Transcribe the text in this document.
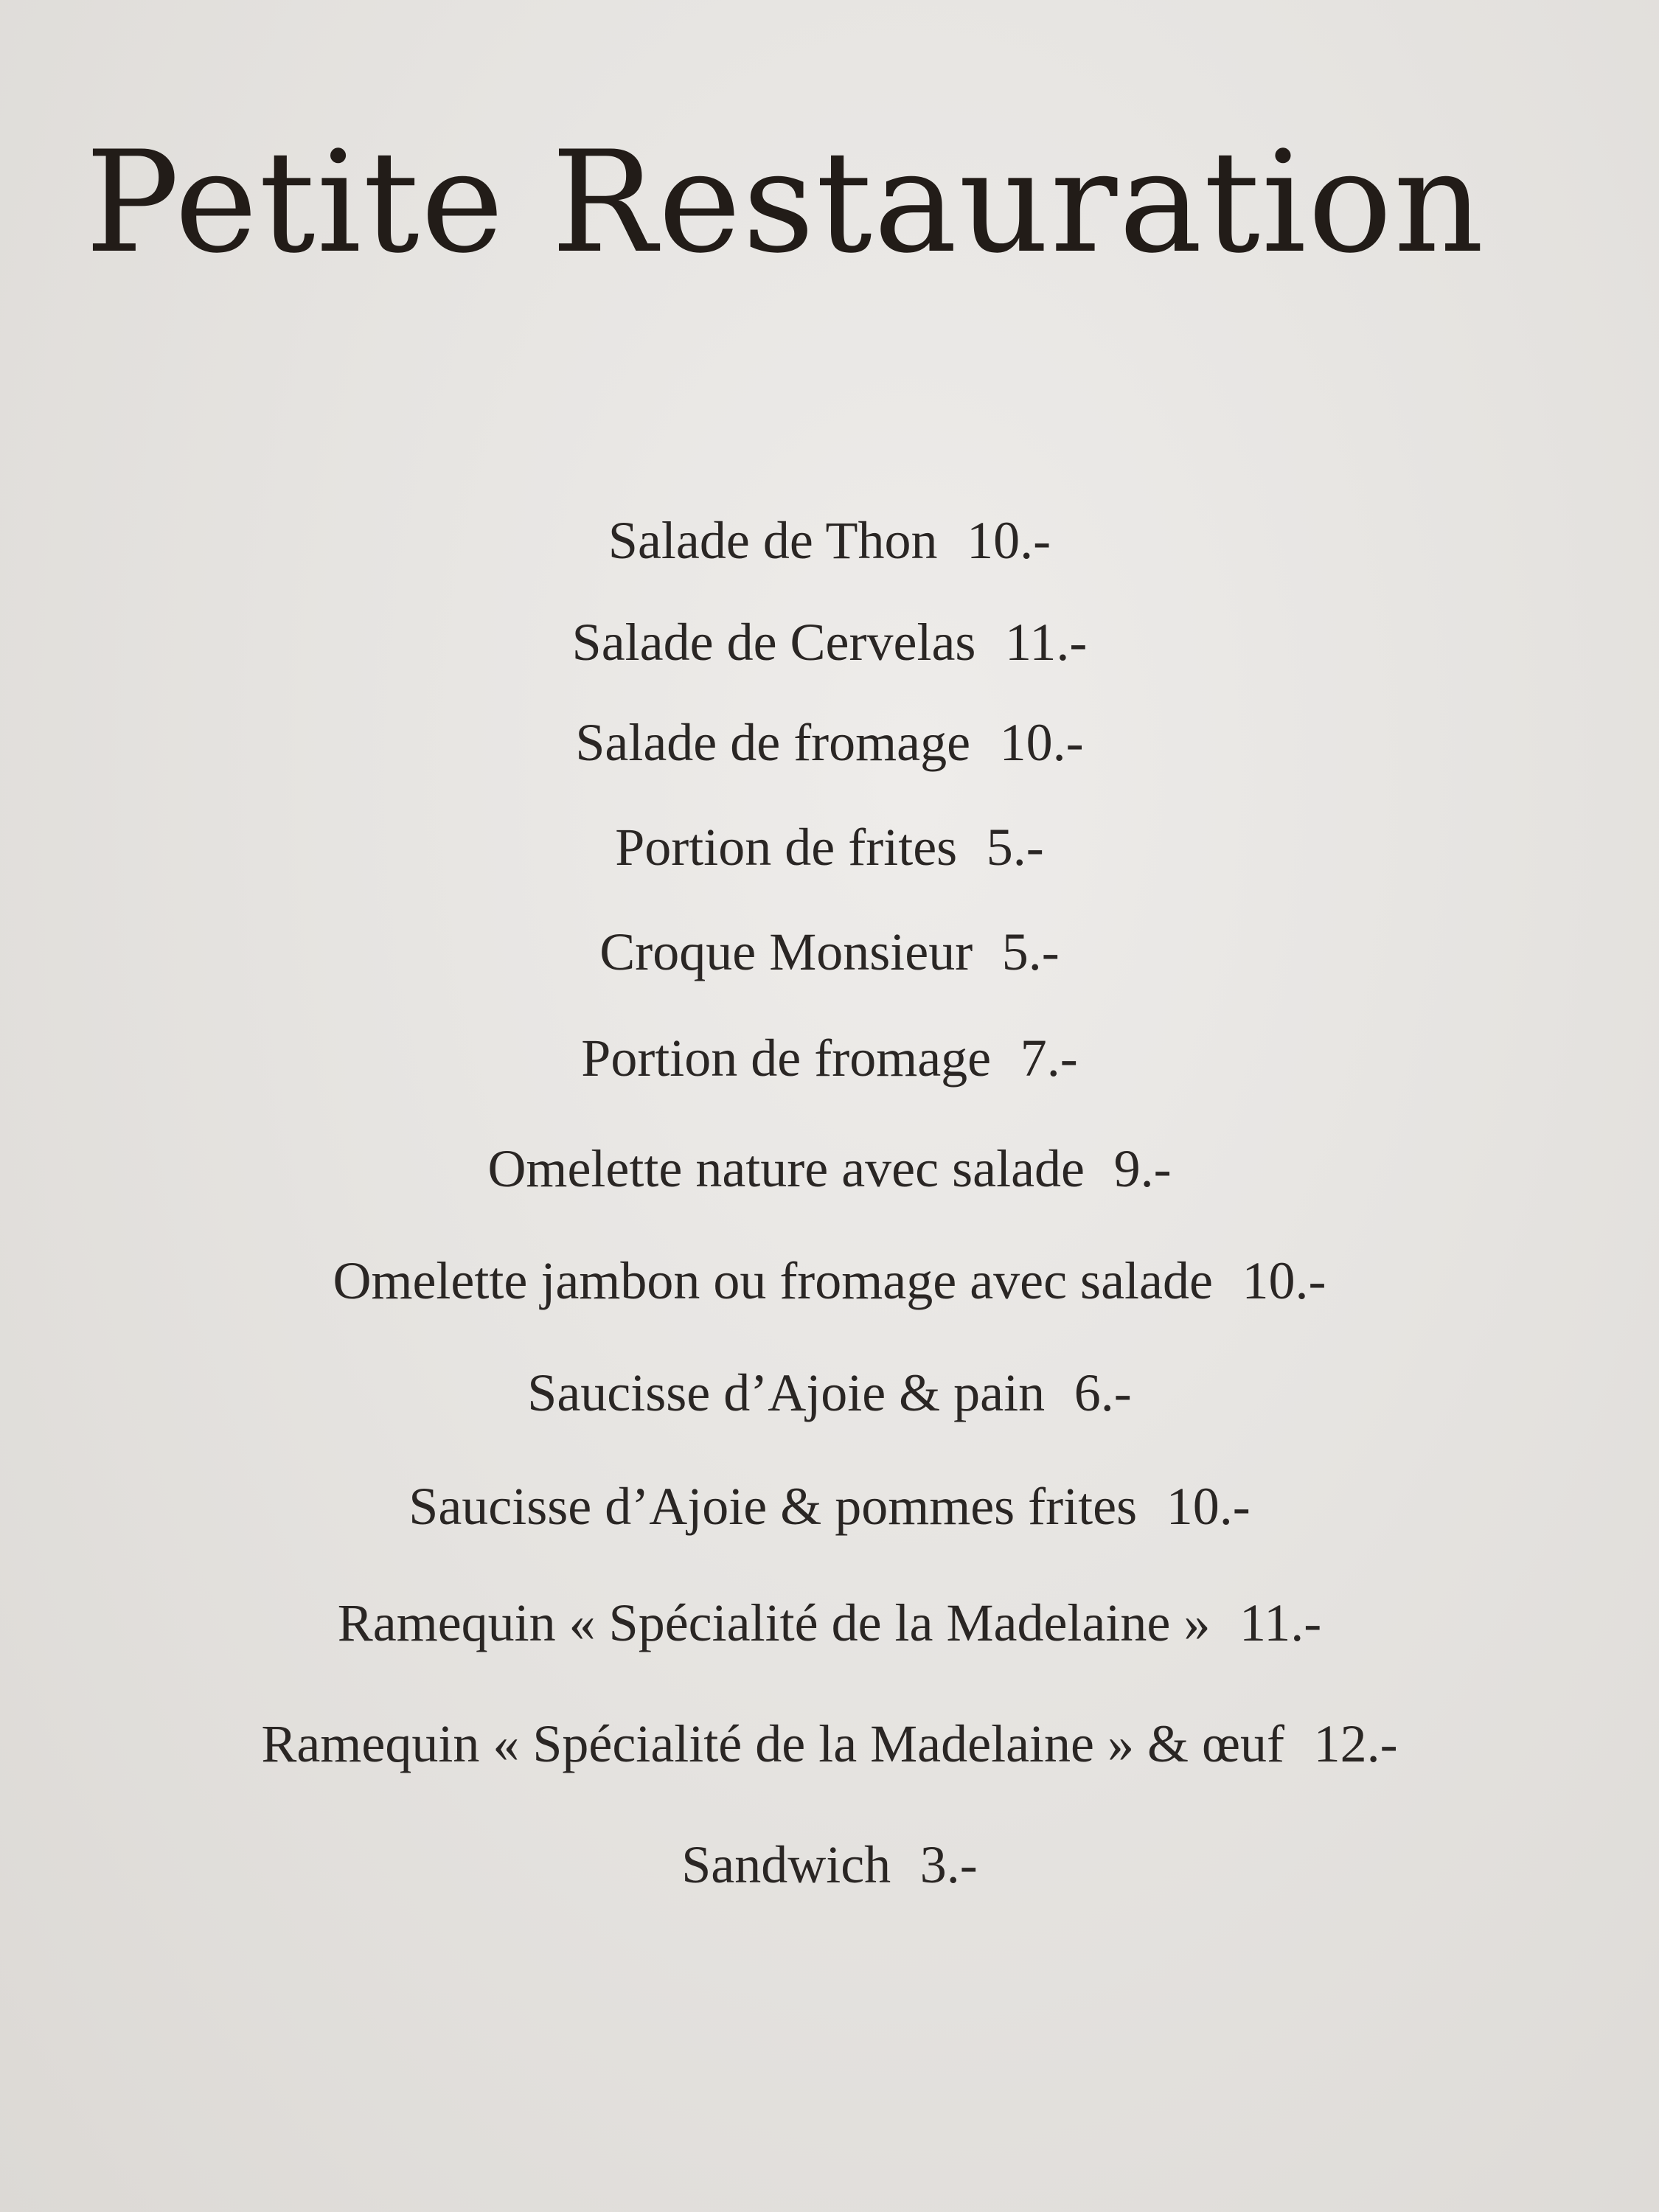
Petite Restauration
Salade de Thon 10.-
Salade de Cervelas 11.-
Salade de fromage 10.-
Portion de frites 5.-
Croque Monsieur 5.-
Portion de fromage 7.-
Omelette nature avec salade 9.-
Omelette jambon ou fromage avec salade 10.-
Saucisse d’Ajoie & pain 6.-
Saucisse d’Ajoie & pommes frites 10.-
Ramequin « Spécialité de la Madelaine » 11.-
Ramequin « Spécialité de la Madelaine » & œuf 12.-
Sandwich 3.-
